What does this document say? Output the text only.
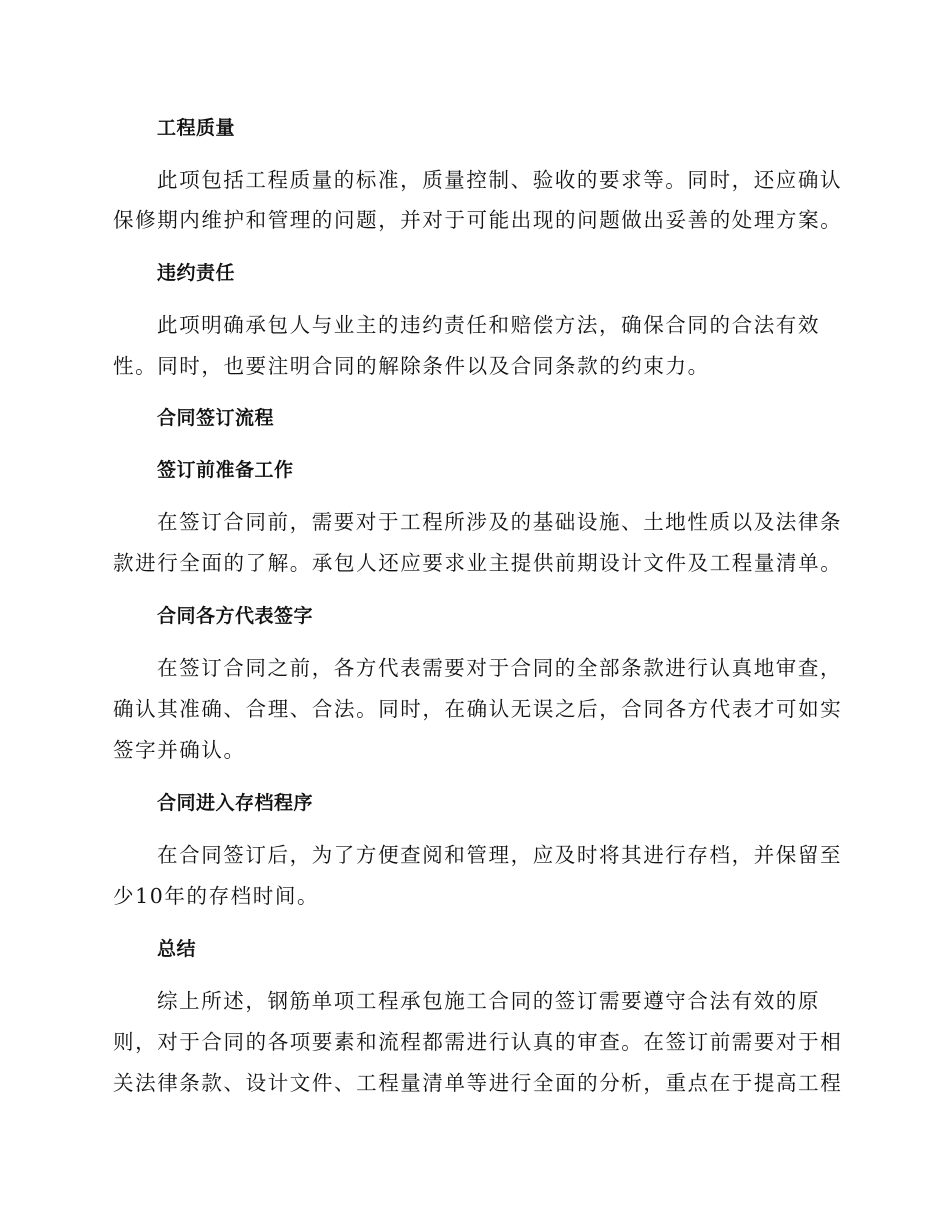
工程质量
此项包括工程质量的标准，质量控制、验收的要求等。同时，还应确认
保修期内维护和管理的问题，并对于可能出现的问题做出妥善的处理方案。
违约责任
此项明确承包人与业主的违约责任和赔偿方法，确保合同的合法有效
性。同时，也要注明合同的解除条件以及合同条款的约束力。
合同签订流程
签订前准备工作
在签订合同前，需要对于工程所涉及的基础设施、土地性质以及法律条
款进行全面的了解。承包人还应要求业主提供前期设计文件及工程量清单。
合同各方代表签字
在签订合同之前，各方代表需要对于合同的全部条款进行认真地审查，
确认其准确、合理、合法。同时，在确认无误之后，合同各方代表才可如实
签字并确认。
合同进入存档程序
在合同签订后，为了方便查阅和管理，应及时将其进行存档，并保留至
少10年的存档时间。
总结
综上所述，钢筋单项工程承包施工合同的签订需要遵守合法有效的原
则，对于合同的各项要素和流程都需进行认真的审查。在签订前需要对于相
关法律条款、设计文件、工程量清单等进行全面的分析，重点在于提高工程
